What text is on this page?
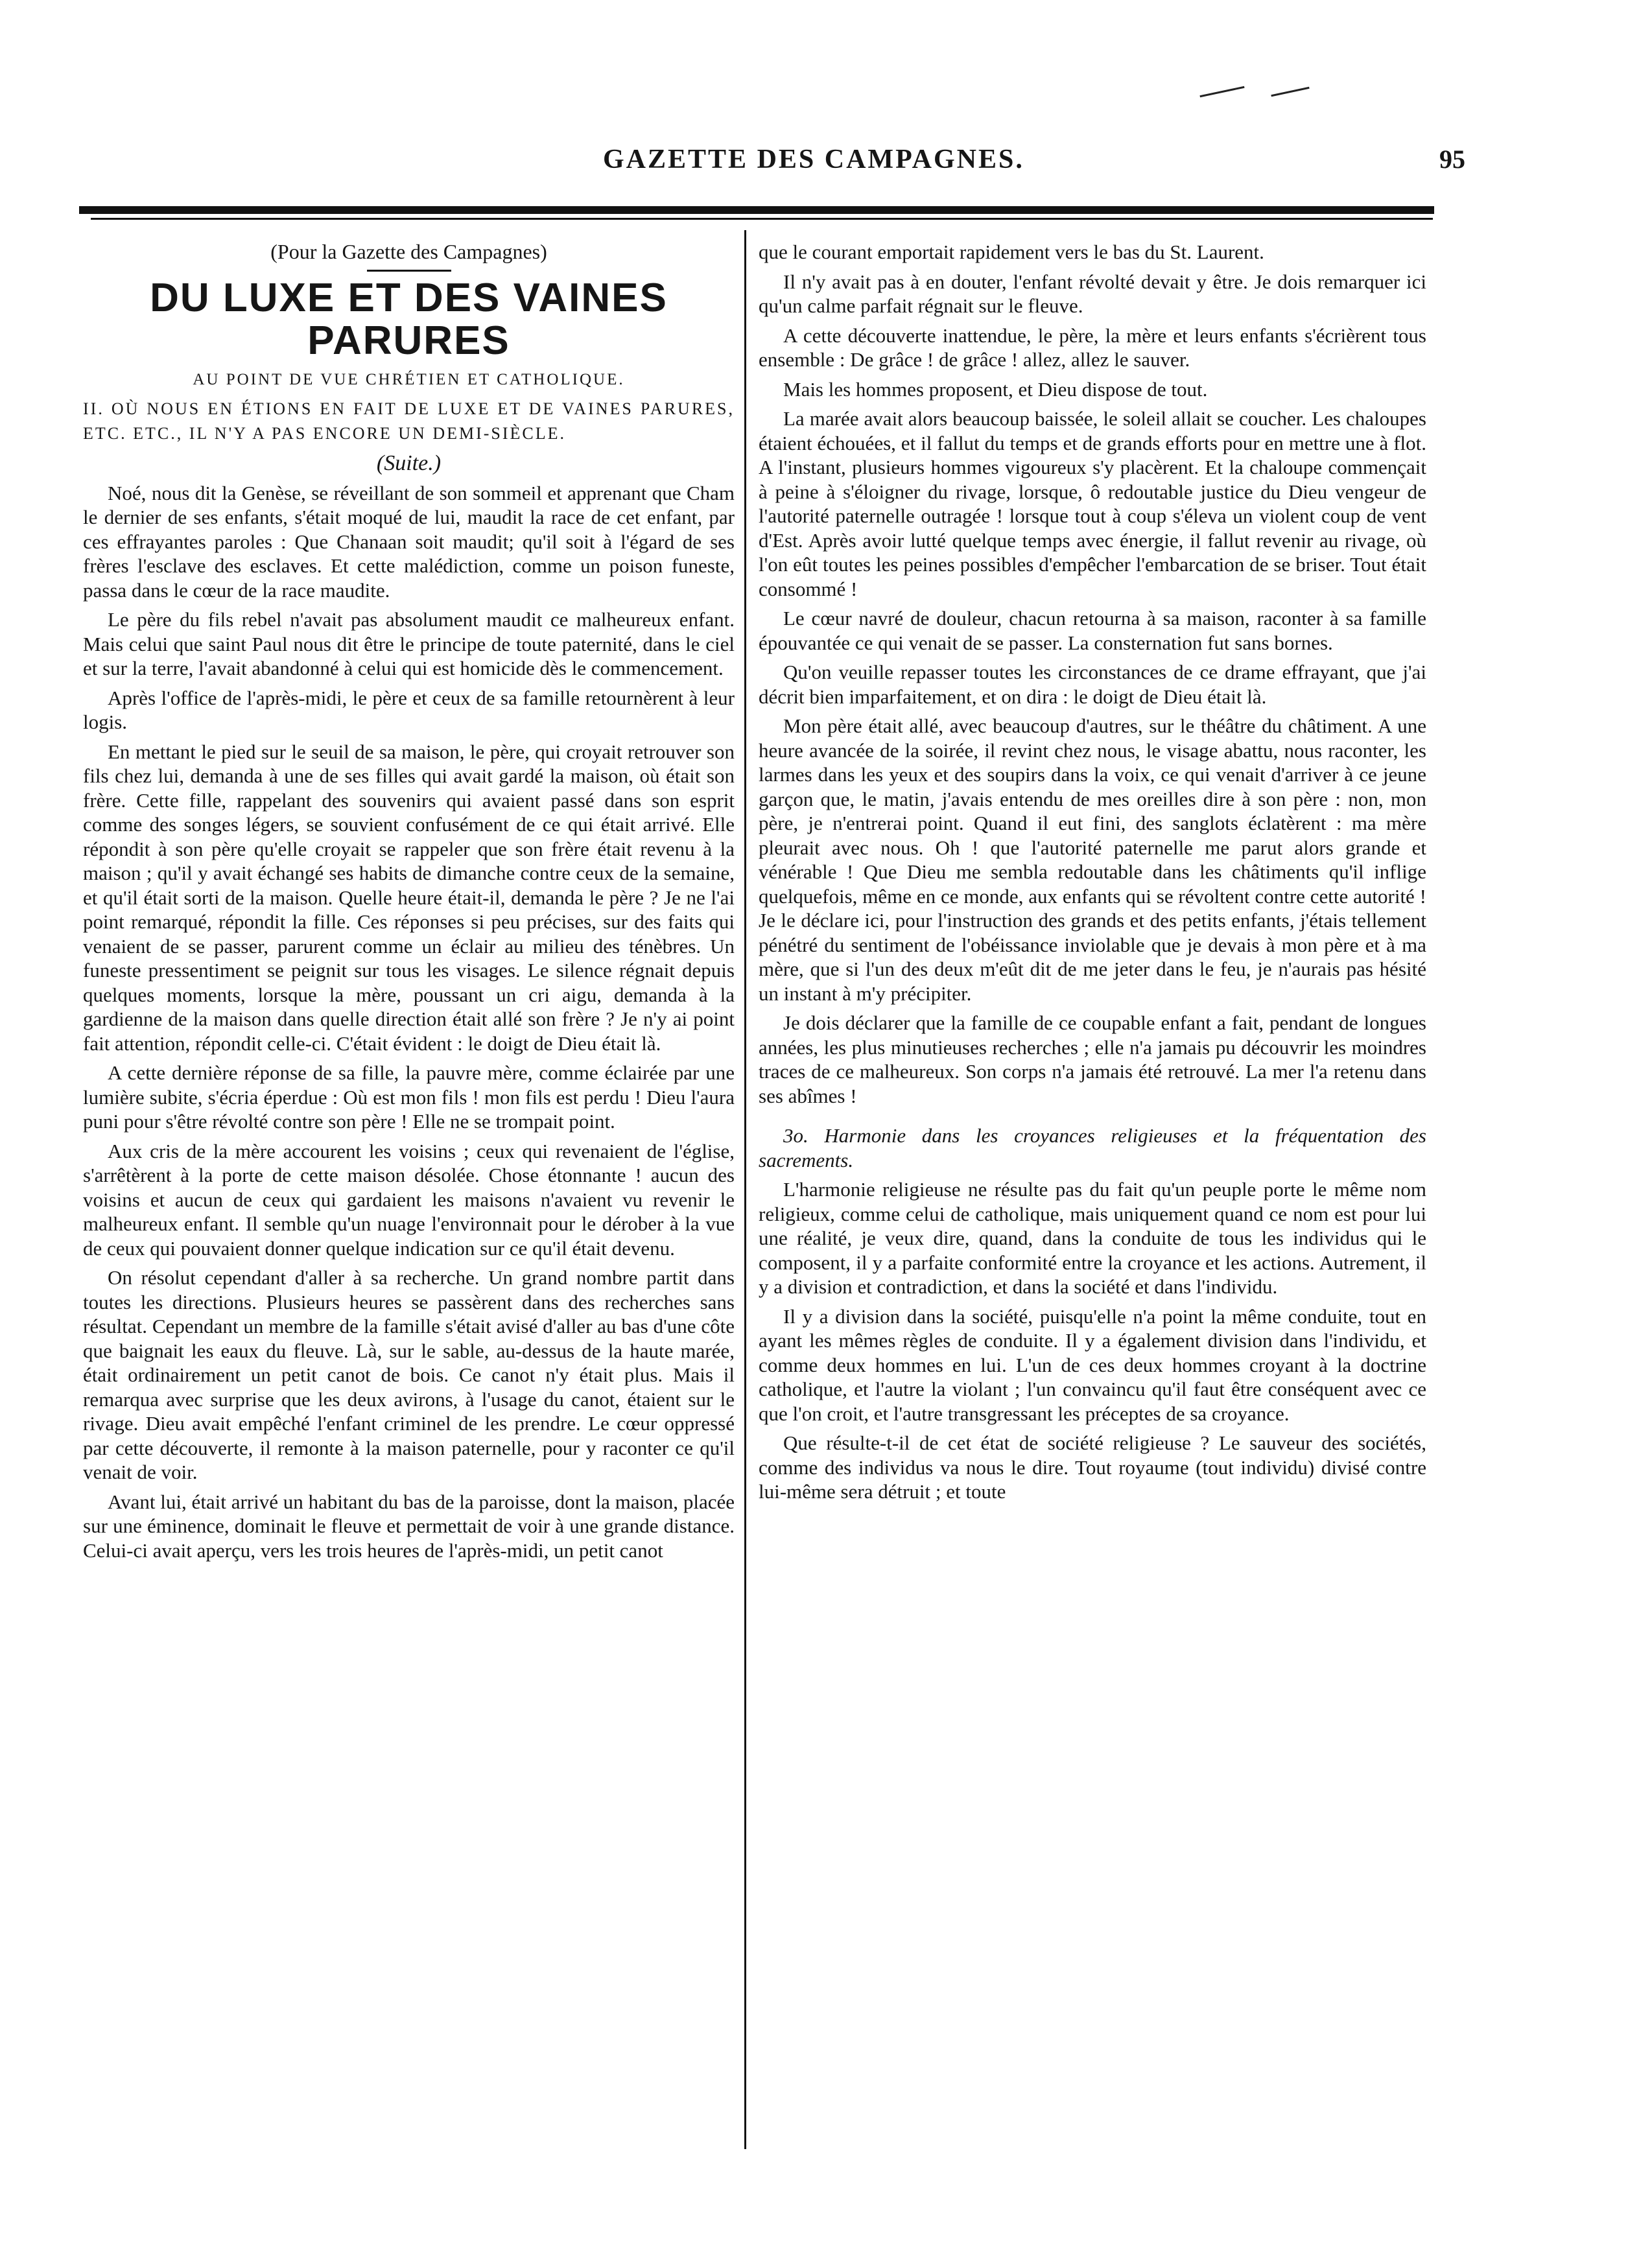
GAZETTE DES CAMPAGNES.	95

(Pour la Gazette des Campagnes)

DU LUXE ET DES VAINES PARURES

AU POINT DE VUE CHRÉTIEN ET CATHOLIQUE.

II. OÙ NOUS EN ÉTIONS EN FAIT DE LUXE ET DE VAINES PARURES, ETC. ETC., IL N'Y A PAS ENCORE UN DEMI-SIÈCLE.

(Suite.)

Noé, nous dit la Genèse, se réveillant de son sommeil et apprenant que Cham le dernier de ses enfants, s'était moqué de lui, maudit la race de cet enfant, par ces effrayantes paroles : Que Chanaan soit maudit; qu'il soit à l'égard de ses frères l'esclave des esclaves. Et cette malédiction, comme un poison funeste, passa dans le cœur de la race maudite.

Le père du fils rebel n'avait pas absolument maudit ce malheureux enfant. Mais celui que saint Paul nous dit être le principe de toute paternité, dans le ciel et sur la terre, l'avait abandonné à celui qui est homicide dès le commencement.

Après l'office de l'après-midi, le père et ceux de sa famille retournèrent à leur logis.

En mettant le pied sur le seuil de sa maison, le père, qui croyait retrouver son fils chez lui, demanda à une de ses filles qui avait gardé la maison, où était son frère. Cette fille, rappelant des souvenirs qui avaient passé dans son esprit comme des songes légers, se souvient confusément de ce qui était arrivé. Elle répondit à son père qu'elle croyait se rappeler que son frère était revenu à la maison ; qu'il y avait échangé ses habits de dimanche contre ceux de la semaine, et qu'il était sorti de la maison. Quelle heure était-il, demanda le père ? Je ne l'ai point remarqué, répondit la fille. Ces réponses si peu précises, sur des faits qui venaient de se passer, parurent comme un éclair au milieu des ténèbres. Un funeste pressentiment se peignit sur tous les visages. Le silence régnait depuis quelques moments, lorsque la mère, poussant un cri aigu, demanda à la gardienne de la maison dans quelle direction était allé son frère ? Je n'y ai point fait attention, répondit celle-ci. C'était évident : le doigt de Dieu était là.

A cette dernière réponse de sa fille, la pauvre mère, comme éclairée par une lumière subite, s'écria éperdue : Où est mon fils ! mon fils est perdu ! Dieu l'aura puni pour s'être révolté contre son père ! Elle ne se trompait point.

Aux cris de la mère accourent les voisins ; ceux qui revenaient de l'église, s'arrêtèrent à la porte de cette maison désolée. Chose étonnante ! aucun des voisins et aucun de ceux qui gardaient les maisons n'avaient vu revenir le malheureux enfant. Il semble qu'un nuage l'environnait pour le dérober à la vue de ceux qui pouvaient donner quelque indication sur ce qu'il était devenu.

On résolut cependant d'aller à sa recherche. Un grand nombre partit dans toutes les directions. Plusieurs heures se passèrent dans des recherches sans résultat. Cependant un membre de la famille s'était avisé d'aller au bas d'une côte que baignait les eaux du fleuve. Là, sur le sable, au-dessus de la haute marée, était ordinairement un petit canot de bois. Ce canot n'y était plus. Mais il remarqua avec surprise que les deux avirons, à l'usage du canot, étaient sur le rivage. Dieu avait empêché l'enfant criminel de les prendre. Le cœur oppressé par cette découverte, il remonte à la maison paternelle, pour y raconter ce qu'il venait de voir.

Avant lui, était arrivé un habitant du bas de la paroisse, dont la maison, placée sur une éminence, dominait le fleuve et permettait de voir à une grande distance. Celui-ci avait aperçu, vers les trois heures de l'après-midi, un petit canot

que le courant emportait rapidement vers le bas du St. Laurent.

Il n'y avait pas à en douter, l'enfant révolté devait y être. Je dois remarquer ici qu'un calme parfait régnait sur le fleuve.

A cette découverte inattendue, le père, la mère et leurs enfants s'écrièrent tous ensemble : De grâce ! de grâce ! allez, allez le sauver.

Mais les hommes proposent, et Dieu dispose de tout.

La marée avait alors beaucoup baissée, le soleil allait se coucher. Les chaloupes étaient échouées, et il fallut du temps et de grands efforts pour en mettre une à flot. A l'instant, plusieurs hommes vigoureux s'y placèrent. Et la chaloupe commençait à peine à s'éloigner du rivage, lorsque, ô redoutable justice du Dieu vengeur de l'autorité paternelle outragée ! lorsque tout à coup s'éleva un violent coup de vent d'Est. Après avoir lutté quelque temps avec énergie, il fallut revenir au rivage, où l'on eût toutes les peines possibles d'empêcher l'embarcation de se briser. Tout était consommé !

Le cœur navré de douleur, chacun retourna à sa maison, raconter à sa famille épouvantée ce qui venait de se passer. La consternation fut sans bornes.

Qu'on veuille repasser toutes les circonstances de ce drame effrayant, que j'ai décrit bien imparfaitement, et on dira : le doigt de Dieu était là.

Mon père était allé, avec beaucoup d'autres, sur le théâtre du châtiment. A une heure avancée de la soirée, il revint chez nous, le visage abattu, nous raconter, les larmes dans les yeux et des soupirs dans la voix, ce qui venait d'arriver à ce jeune garçon que, le matin, j'avais entendu de mes oreilles dire à son père : non, mon père, je n'entrerai point. Quand il eut fini, des sanglots éclatèrent : ma mère pleurait avec nous. Oh ! que l'autorité paternelle me parut alors grande et vénérable ! Que Dieu me sembla redoutable dans les châtiments qu'il inflige quelquefois, même en ce monde, aux enfants qui se révoltent contre cette autorité ! Je le déclare ici, pour l'instruction des grands et des petits enfants, j'étais tellement pénétré du sentiment de l'obéissance inviolable que je devais à mon père et à ma mère, que si l'un des deux m'eût dit de me jeter dans le feu, je n'aurais pas hésité un instant à m'y précipiter.

Je dois déclarer que la famille de ce coupable enfant a fait, pendant de longues années, les plus minutieuses recherches ; elle n'a jamais pu découvrir les moindres traces de ce malheureux. Son corps n'a jamais été retrouvé. La mer l'a retenu dans ses abîmes !

3o. Harmonie dans les croyances religieuses et la fréquentation des sacrements.

L'harmonie religieuse ne résulte pas du fait qu'un peuple porte le même nom religieux, comme celui de catholique, mais uniquement quand ce nom est pour lui une réalité, je veux dire, quand, dans la conduite de tous les individus qui le composent, il y a parfaite conformité entre la croyance et les actions. Autrement, il y a division et contradiction, et dans la société et dans l'individu.

Il y a division dans la société, puisqu'elle n'a point la même conduite, tout en ayant les mêmes règles de conduite. Il y a également division dans l'individu, et comme deux hommes en lui. L'un de ces deux hommes croyant à la doctrine catholique, et l'autre la violant ; l'un convaincu qu'il faut être conséquent avec ce que l'on croit, et l'autre transgressant les préceptes de sa croyance.

Que résulte-t-il de cet état de société religieuse ? Le sauveur des sociétés, comme des individus va nous le dire. Tout royaume (tout individu) divisé contre lui-même sera détruit ; et toute
